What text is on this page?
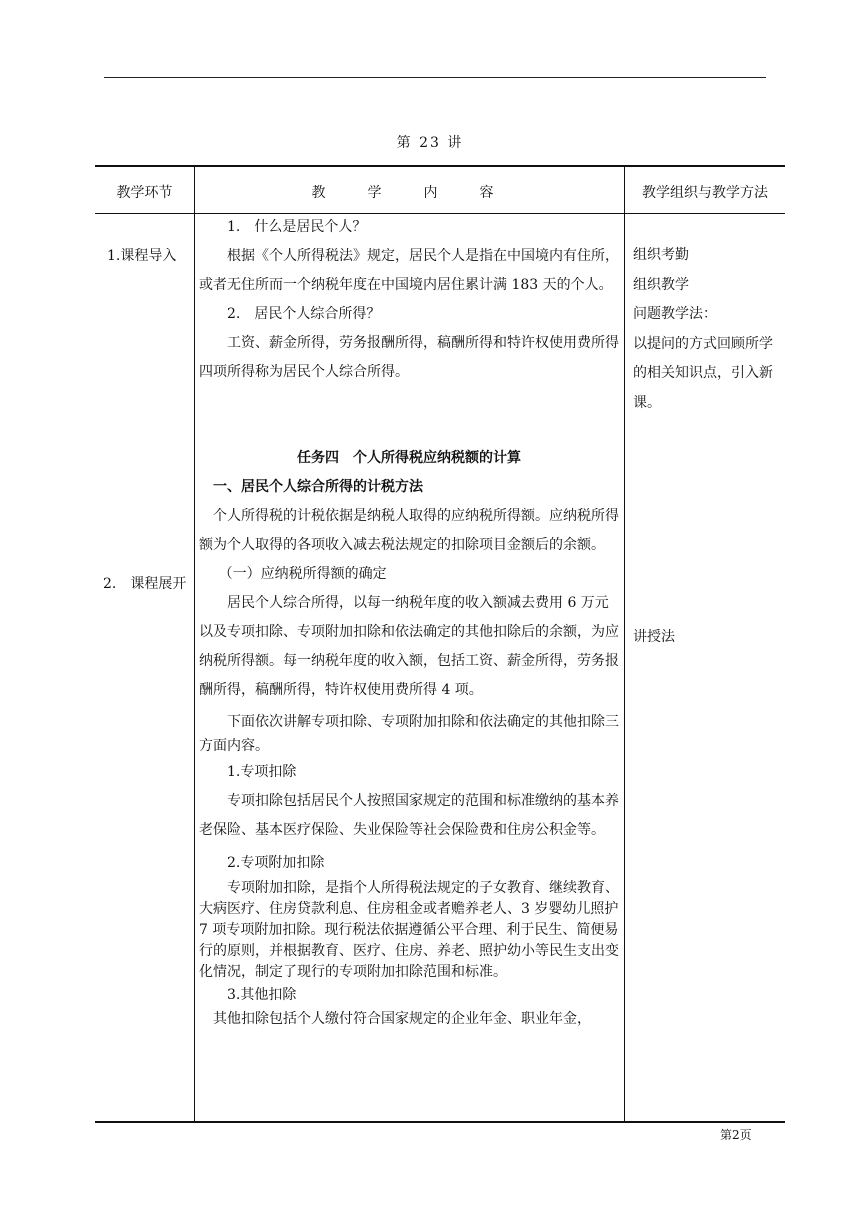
第 23 讲
教学环节	教　学　内　容	教学组织与教学方法
1.课程导入
2.　课程展开

1.　什么是居民个人？

根据《个人所得税法》规定，居民个人是指在中国境内有住所，或者无住所而一个纳税年度在中国境内居住累计满 183 天的个人。

2.　居民个人综合所得？

工资、薪金所得，劳务报酬所得，稿酬所得和特许权使用费所得四项所得称为居民个人综合所得。

任务四　个人所得税应纳税额的计算

一、居民个人综合所得的计税方法

个人所得税的计税依据是纳税人取得的应纳税所得额。应纳税所得额为个人取得的各项收入减去税法规定的扣除项目金额后的余额。

（一）应纳税所得额的确定

居民个人综合所得，以每一纳税年度的收入额减去费用 6 万元以及专项扣除、专项附加扣除和依法确定的其他扣除后的余额，为应纳税所得额。每一纳税年度的收入额，包括工资、薪金所得，劳务报酬所得，稿酬所得，特许权使用费所得 4 项。

下面依次讲解专项扣除、专项附加扣除和依法确定的其他扣除三方面内容。

1.专项扣除

专项扣除包括居民个人按照国家规定的范围和标准缴纳的基本养老保险、基本医疗保险、失业保险等社会保险费和住房公积金等。

2.专项附加扣除

专项附加扣除，是指个人所得税法规定的子女教育、继续教育、大病医疗、住房贷款利息、住房租金或者赡养老人、3 岁婴幼儿照护 7 项专项附加扣除。现行税法依据遵循公平合理、利于民生、简便易行的原则，并根据教育、医疗、住房、养老、照护幼小等民生支出变化情况，制定了现行的专项附加扣除范围和标准。

3.其他扣除

其他扣除包括个人缴付符合国家规定的企业年金、职业年金，

组织考勤
组织教学
问题教学法：
以提问的方式回顾所学的相关知识点，引入新课。
讲授法
第2页
